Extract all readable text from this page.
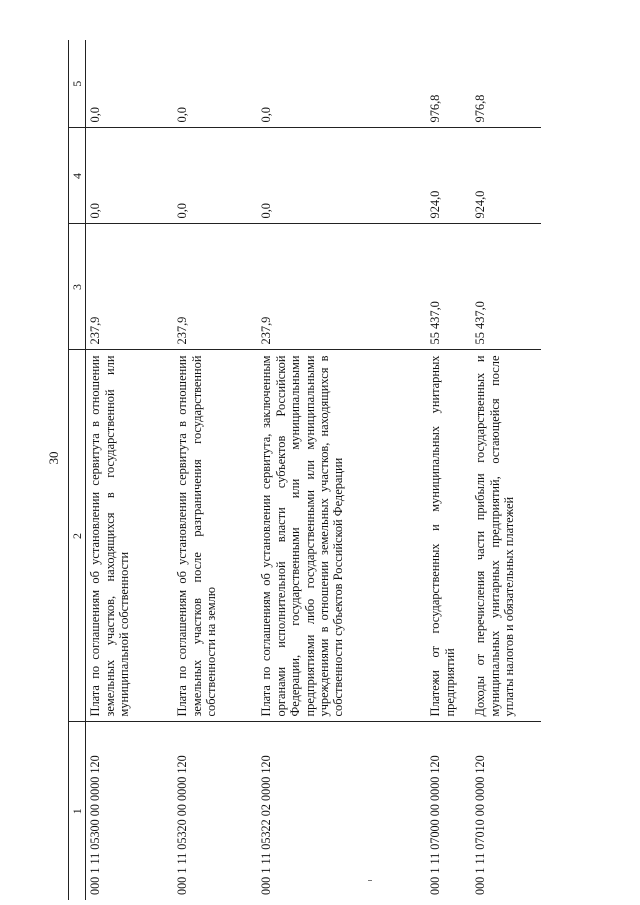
30
1	2	3	4	5
000 1 11 05300 00 0000 120	Плата по соглашениям об установлении сервитута в отношении земельных участков, находящихся в государственной или муниципальной собственности	237,9	0,0	0,0
000 1 11 05320 00 0000 120	Плата по соглашениям об установлении сервитута в отношении земельных участков после разграничения государственной собственности на землю	237,9	0,0	0,0
000 1 11 05322 02 0000 120	Плата по соглашениям об установлении сервитута, заключенным органами исполнительной власти субъектов Российской Федерации, государственными или муниципальными предприятиями либо государственными или муниципальными учреждениями в отношении земельных участков, находящихся в собственности субъектов Российской Федерации	237,9	0,0	0,0
000 1 11 07000 00 0000 120	Платежи от государственных и муниципальных унитарных предприятий	55 437,0	924,0	976,8
000 1 11 07010 00 0000 120	Доходы от перечисления части прибыли государственных и муниципальных унитарных предприятий, остающейся после уплаты налогов и обязательных платежей	55 437,0	924,0	976,8
